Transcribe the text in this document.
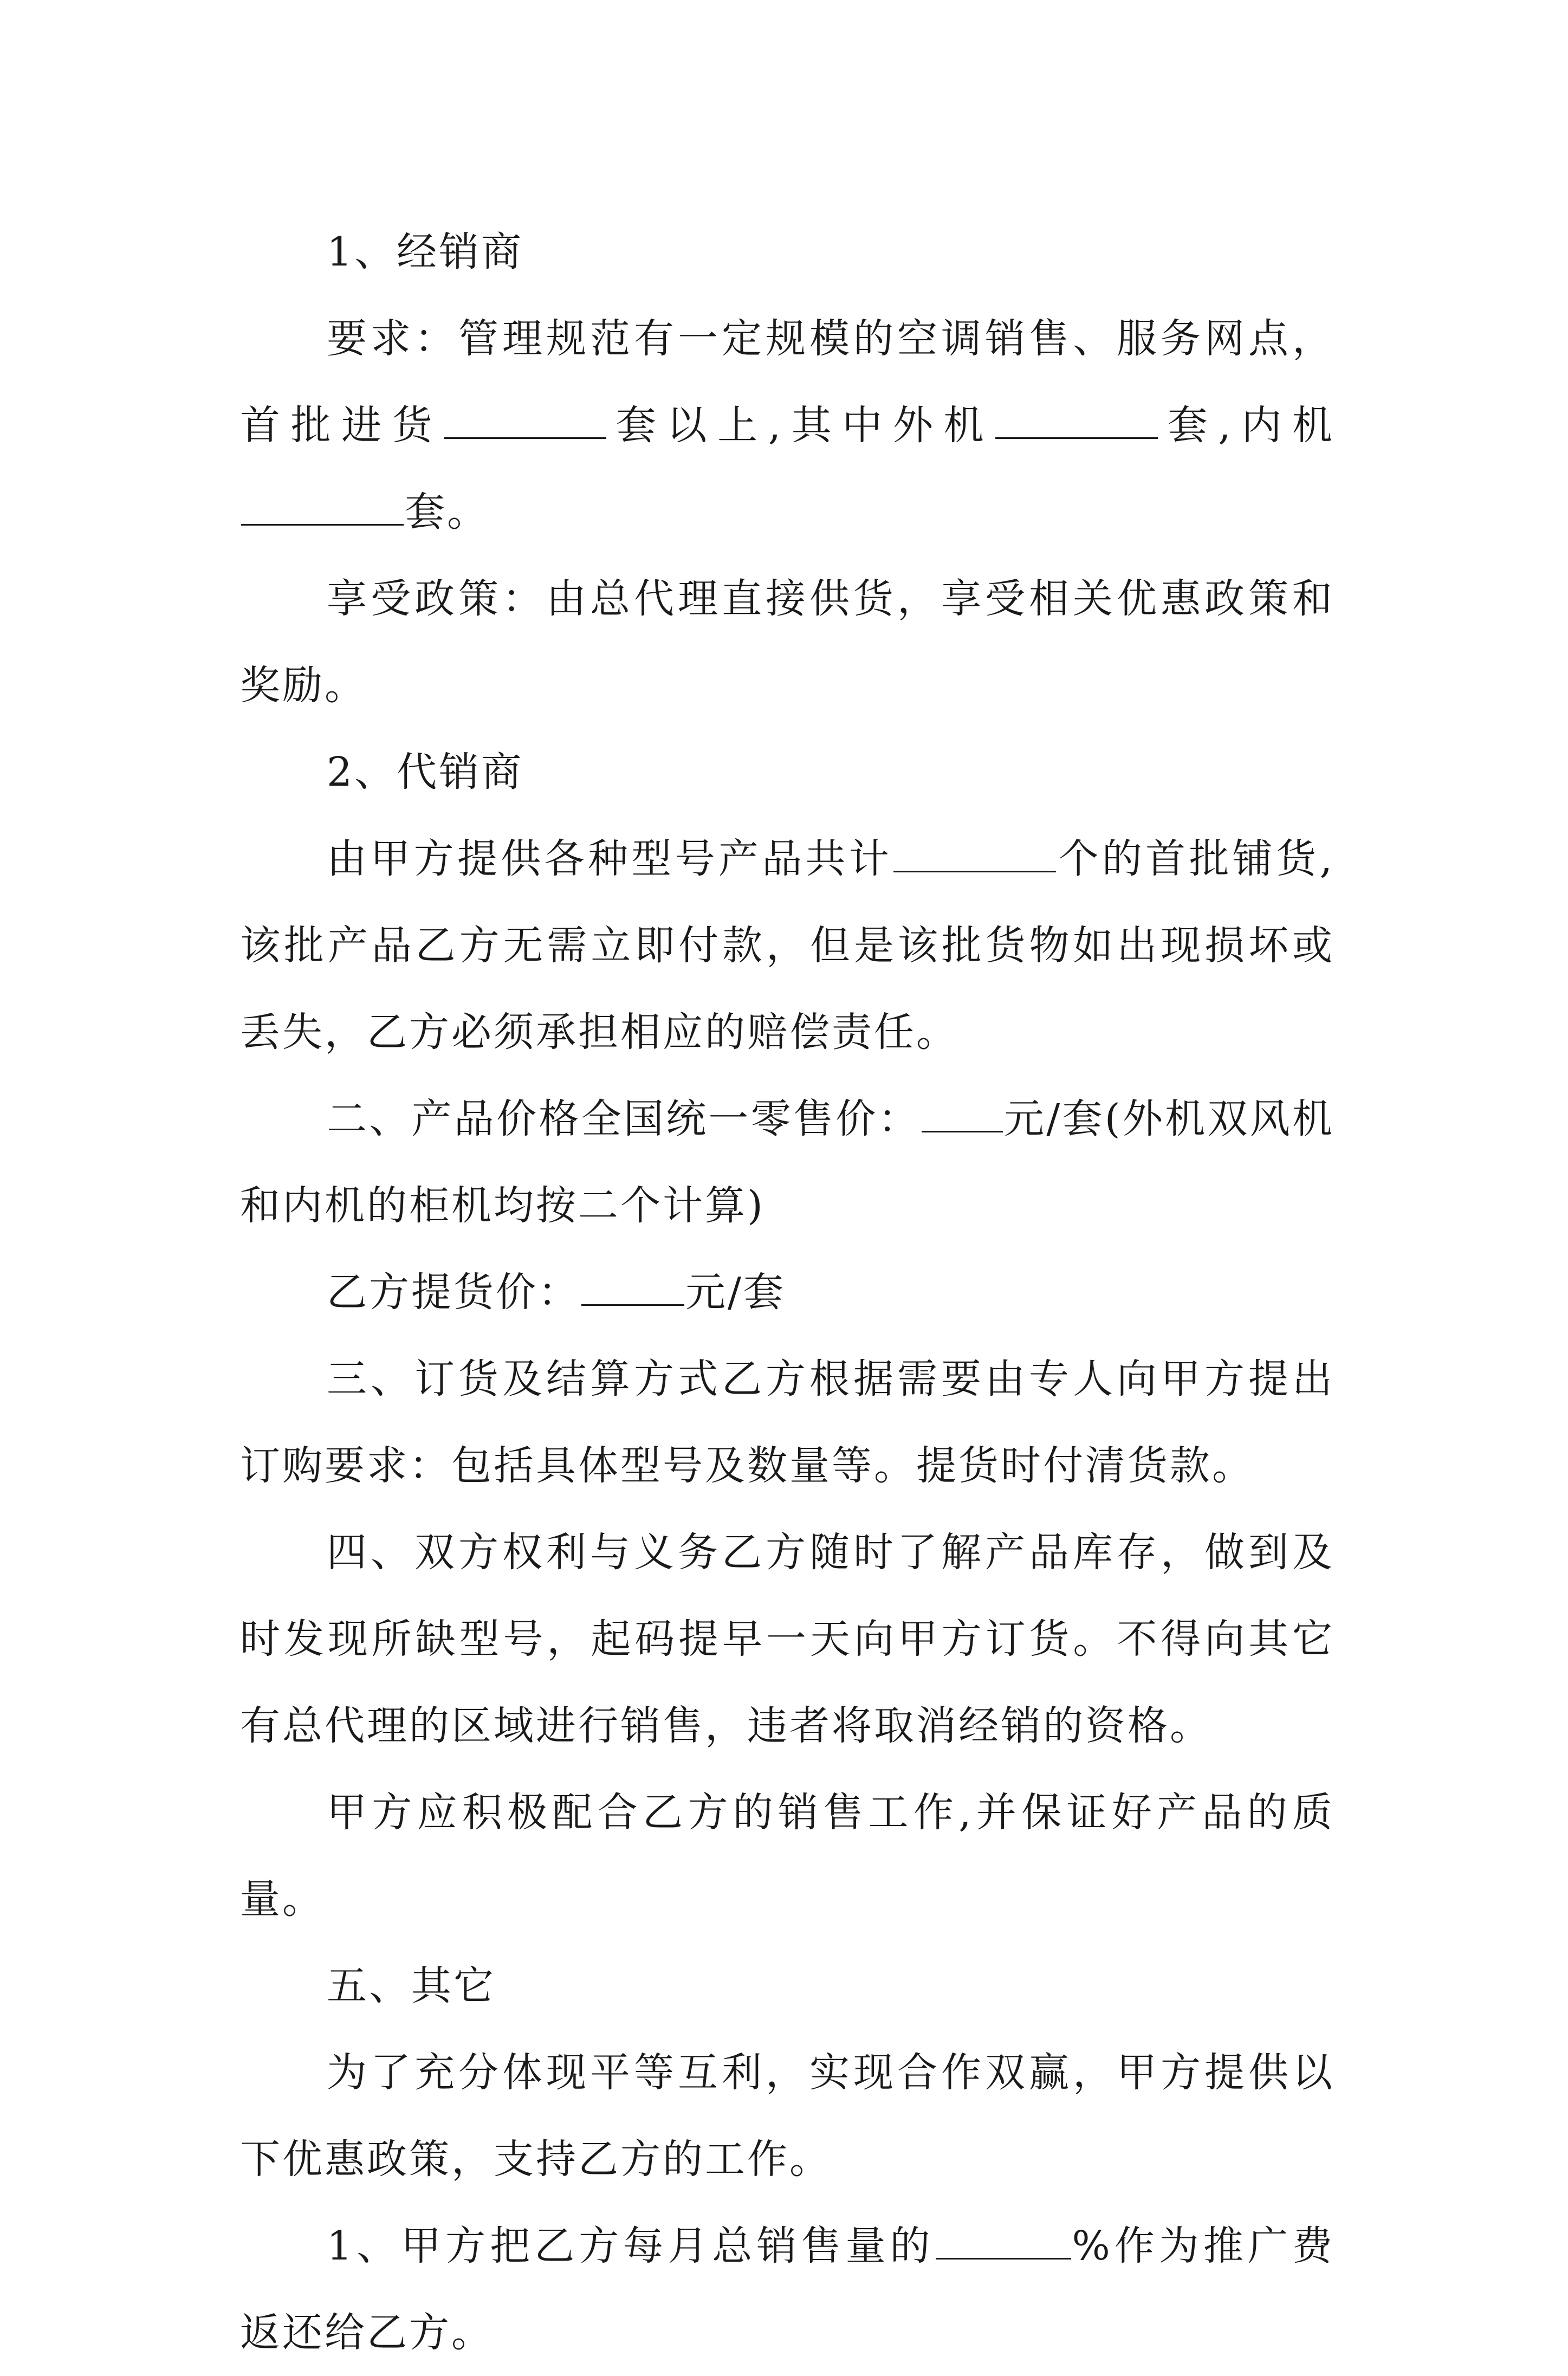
1、经销商

要求：管理规范有一定规模的空调销售、服务网点，首批进货	套以上,其中外机	套,内机套。

享受政策：由总代理直接供货，享受相关优惠政策和奖励。

2、代销商

由甲方提供各种型号产品共计	个的首批铺货,该批产品乙方无需立即付款，但是该批货物如出现损坏或丢失，乙方必须承担相应的赔偿责任。

二、产品价格全国统一零售价： 元/套(外机双风机和内机的柜机均按二个计算)

乙方提货价：	元/套

三、订货及结算方式乙方根据需要由专人向甲方提出订购要求：包括具体型号及数量等。提货时付清货款。

四、双方权利与义务乙方随时了解产品库存，做到及时发现所缺型号，起码提早一天向甲方订货。不得向其它有总代理的区域进行销售，违者将取消经销的资格。

甲方应积极配合乙方的销售工作,并保证好产品的质量。

五、其它

为了充分体现平等互利，实现合作双赢，甲方提供以下优惠政策，支持乙方的工作。

1、甲方把乙方每月总销售量的	%作为推广费返还给乙方。
